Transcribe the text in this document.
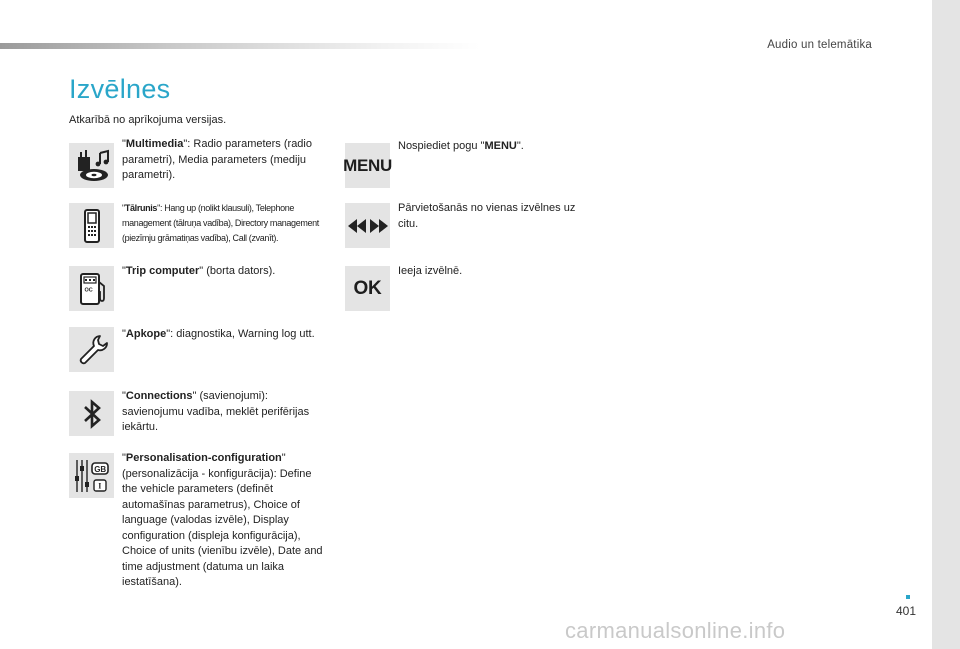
Audio un telemātika
Izvēlnes
Atkarībā no aprīkojuma versijas.
"Multimedia": Radio parameters (radio parametri), Media parameters (mediju parametri).
"Tālrunis": Hang up (nolikt klausuli), Telephone management (tālruņa vadība), Directory management (piezīmju grāmatiņas vadība), Call (zvanīt).
OC
"Trip computer" (borta dators).
"Apkope": diagnostika, Warning log utt.
"Connections" (savienojumi): savienojumu vadība, meklēt perifērijas iekārtu.
GB
I
"Personalisation-configuration" (personalizācija - konfigurācija): Define the vehicle parameters (definēt automašīnas parametrus), Choice of language (valodas izvēle), Display configuration (displeja konfigurācija), Choice of units (vienību izvēle), Date and time adjustment (datuma un laika iestatīšana).
MENU
Nospiediet pogu "MENU".
Pārvietošanās no vienas izvēlnes uz citu.
OK
Ieeja izvēlnē.
401
carmanualsonline.info
